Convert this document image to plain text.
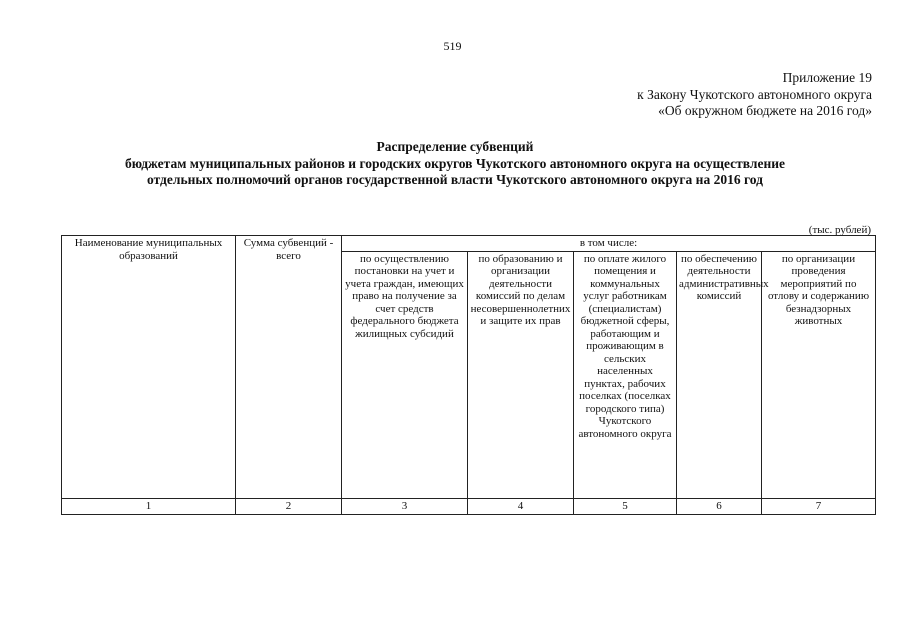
519
Приложение 19
к Закону Чукотского автономного округа
«Об окружном бюджете на 2016 год»
Распределение субвенций
бюджетам муниципальных районов и городских округов Чукотского автономного округа на осуществление
отдельных полномочий органов государственной власти Чукотского автономного округа на 2016 год
(тыс. рублей)
Наименование муниципальных образований	Сумма субвенций - всего	в том числе:				
		по осуществлению постановки на учет и учета граждан, имеющих право на получение за счет средств федерального бюджета жилищных субсидий	по образованию и организации деятельности комиссий по делам несовершеннолетних и защите их прав	по оплате жилого помещения и коммунальных услуг работникам (специалистам) бюджетной сферы, работающим и проживающим в сельских населенных пунктах, рабочих поселках (поселках городского типа) Чукотского автономного округа	по обеспечению деятельности административных комиссий	по организации проведения мероприятий по отлову и содержанию безнадзорных животных
1	2	3	4	5	6	7
